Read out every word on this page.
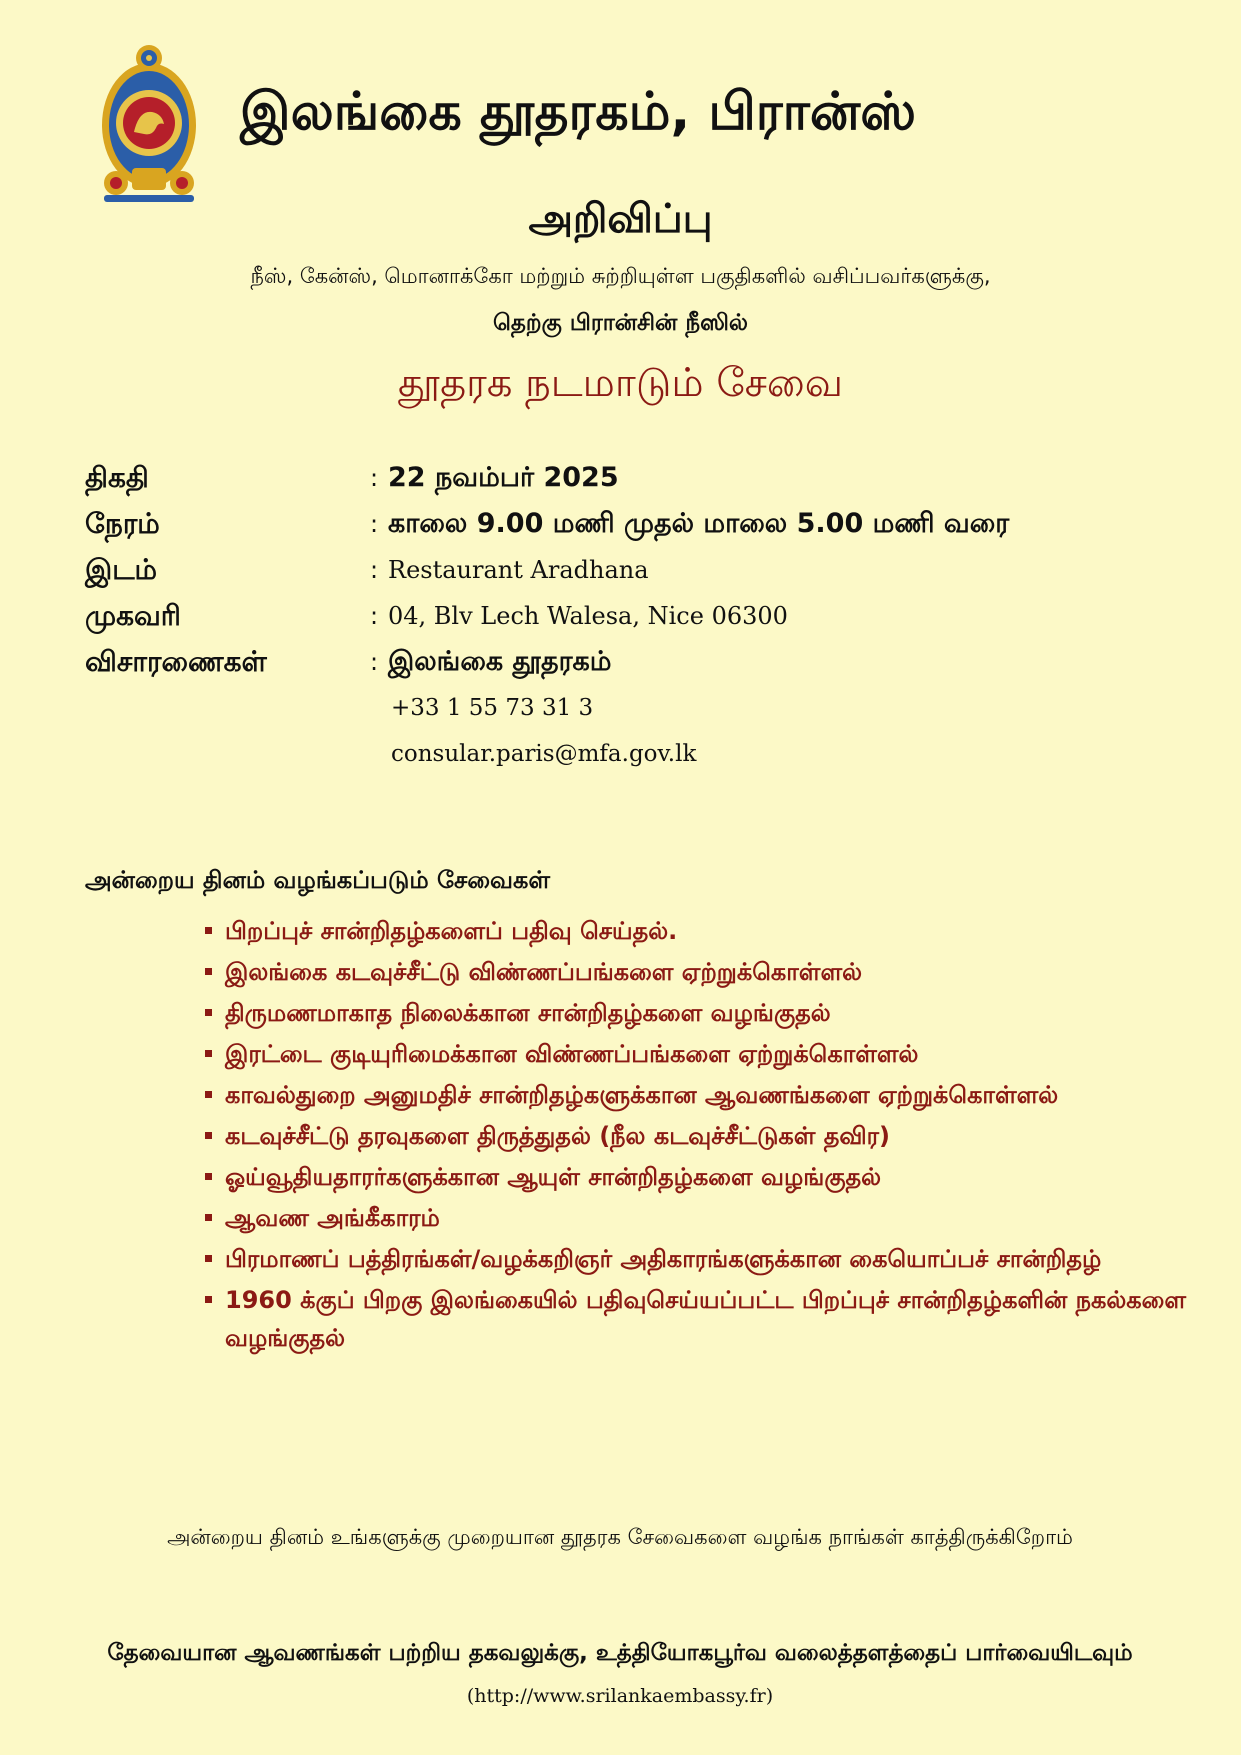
இலங்கை தூதரகம், பிரான்ஸ்
அறிவிப்பு
நீஸ், கேன்ஸ், மொனாக்கோ மற்றும் சுற்றியுள்ள பகுதிகளில் வசிப்பவர்களுக்கு,
தெற்கு பிரான்சின் நீஸில்
தூதரக நடமாடும் சேவை
திகதி	: 22 நவம்பர் 2025
நேரம்	: காலை 9.00 மணி முதல் மாலை 5.00 மணி வரை
இடம்	: Restaurant Aradhana
முகவரி	: 04, Blv Lech Walesa, Nice 06300
விசாரணைகள்	: இலங்கை தூதரகம்
+33 1 55 73 31 3
consular.paris@mfa.gov.lk
அன்றைய தினம் வழங்கப்படும் சேவைகள்
பிறப்புச் சான்றிதழ்களைப் பதிவு செய்தல்.
இலங்கை கடவுச்சீட்டு விண்ணப்பங்களை ஏற்றுக்கொள்ளல்
திருமணமாகாத நிலைக்கான சான்றிதழ்களை வழங்குதல்
இரட்டை குடியுரிமைக்கான விண்ணப்பங்களை ஏற்றுக்கொள்ளல்
காவல்துறை அனுமதிச் சான்றிதழ்களுக்கான ஆவணங்களை ஏற்றுக்கொள்ளல்
கடவுச்சீட்டு தரவுகளை திருத்துதல் (நீல கடவுச்சீட்டுகள் தவிர)
ஓய்வூதியதாரர்களுக்கான ஆயுள் சான்றிதழ்களை வழங்குதல்
ஆவண அங்கீகாரம்
பிரமாணப் பத்திரங்கள்/வழக்கறிஞர் அதிகாரங்களுக்கான கையொப்பச் சான்றிதழ்
1960 க்குப் பிறகு இலங்கையில் பதிவுசெய்யப்பட்ட பிறப்புச் சான்றிதழ்களின் நகல்களை வழங்குதல்
அன்றைய தினம் உங்களுக்கு முறையான தூதரக சேவைகளை வழங்க நாங்கள் காத்திருக்கிறோம்
தேவையான ஆவணங்கள் பற்றிய தகவலுக்கு, உத்தியோகபூர்வ வலைத்தளத்தைப் பார்வையிடவும் (http://www.srilankaembassy.fr)
